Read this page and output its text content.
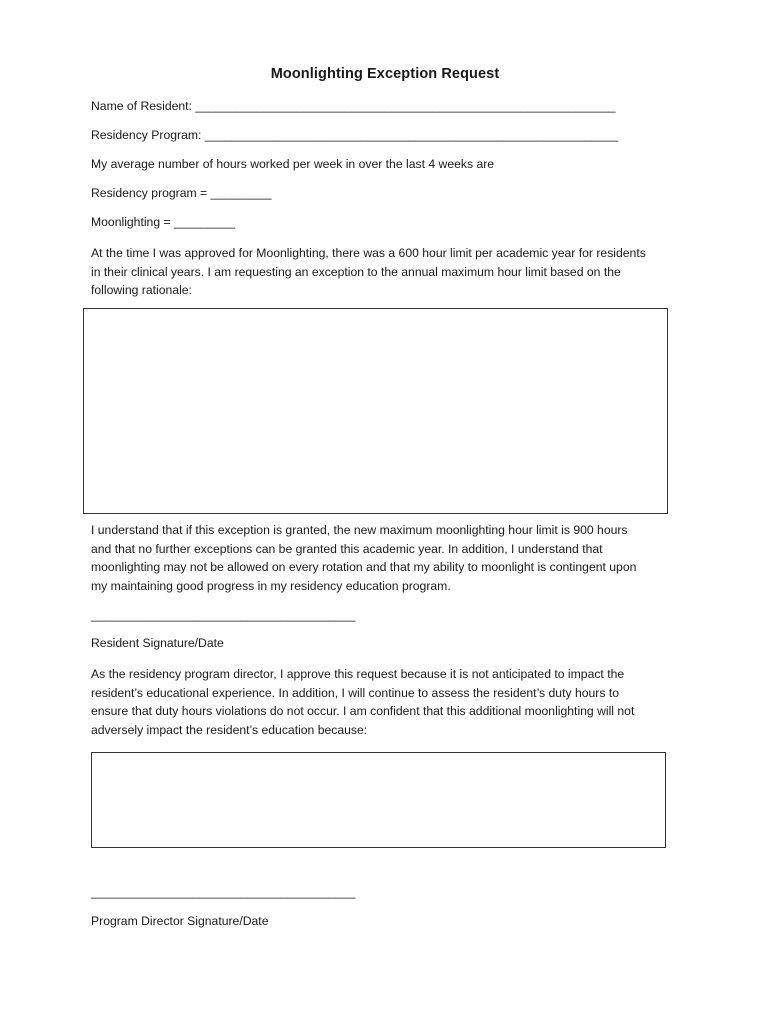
Moonlighting Exception Request
Name of Resident: ______________________________________________________________
Residency Program: _____________________________________________________________
My average number of hours worked per week in over the last 4 weeks are
Residency program = _________
Moonlighting = _________

At the time I was approved for Moonlighting, there was a 600 hour limit per academic year for residents

in their clinical years. I am requesting an exception to the annual maximum hour limit based on the

following rationale:

I understand that if this exception is granted, the new maximum moonlighting hour limit is 900 hours

and that no further exceptions can be granted this academic year. In addition, I understand that

moonlighting may not be allowed on every rotation and that my ability to moonlight is contingent upon

my maintaining good progress in my residency education program.

_______________________________________
Resident Signature/Date

As the residency program director, I approve this request because it is not anticipated to impact the

resident’s educational experience. In addition, I will continue to assess the resident’s duty hours to

ensure that duty hours violations do not occur. I am confident that this additional moonlighting will not

adversely impact the resident’s education because:

_______________________________________
Program Director Signature/Date
